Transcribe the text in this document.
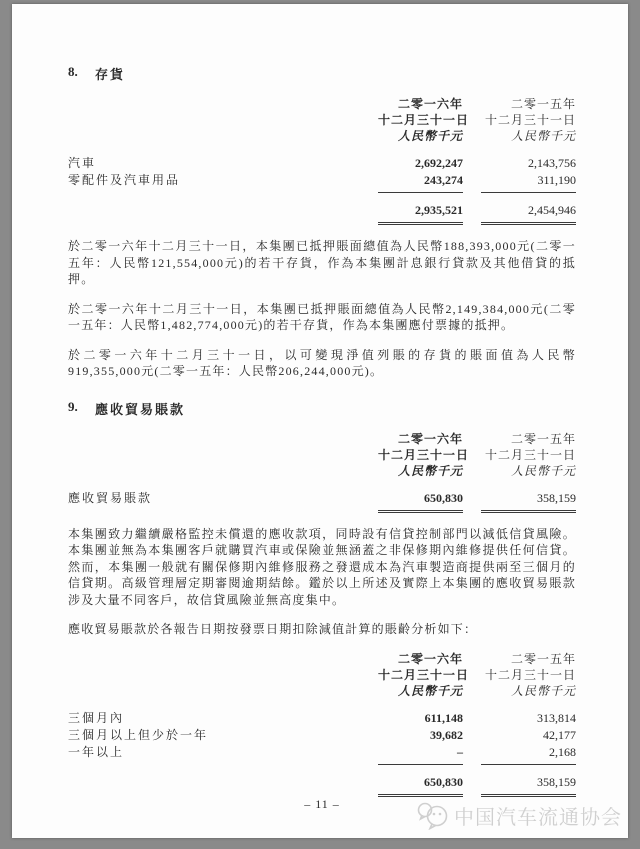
8.	存貨
二零一六年
十二月三十一日
人民幣千元
二零一五年
十二月三十一日
人民幣千元
汽車	2,692,247	2,143,756
零配件及汽車用品	243,274	311,190
2,935,521	2,454,946

於二零一六年十二月三十一日，本集團已抵押賬面總值為人民幣188,393,000元(二零一五年：人民幣121,554,000元)的若干存貨，作為本集團計息銀行貸款及其他借貸的抵押。

於二零一六年十二月三十一日，本集團已抵押賬面總值為人民幣2,149,384,000元(二零一五年：人民幣1,482,774,000元)的若干存貨，作為本集團應付票據的抵押。

於二零一六年十二月三十一日，以可變現淨值列賬的存貨的賬面值為人民幣919,355,000元(二零一五年：人民幣206,244,000元)。

9.	應收貿易賬款
二零一六年
十二月三十一日
人民幣千元
二零一五年
十二月三十一日
人民幣千元
應收貿易賬款	650,830	358,159

本集團致力繼續嚴格監控未償還的應收款項，同時設有信貸控制部門以減低信貸風險。本集團並無為本集團客戶就購買汽車或保險並無涵蓋之非保修期內維修提供任何信貸。然而，本集團一般就有關保修期內維修服務之發還成本為汽車製造商提供兩至三個月的信貸期。高級管理層定期審閱逾期結餘。鑑於以上所述及實際上本集團的應收貿易賬款涉及大量不同客戶，故信貸風險並無高度集中。

應收貿易賬款於各報告日期按發票日期扣除減值計算的賬齡分析如下：

二零一六年
十二月三十一日
人民幣千元
二零一五年
十二月三十一日
人民幣千元
三個月內	611,148	313,814
三個月以上但少於一年	39,682	42,177
一年以上	–	2,168
650,830	358,159
– 11 –
中国汽车流通协会
